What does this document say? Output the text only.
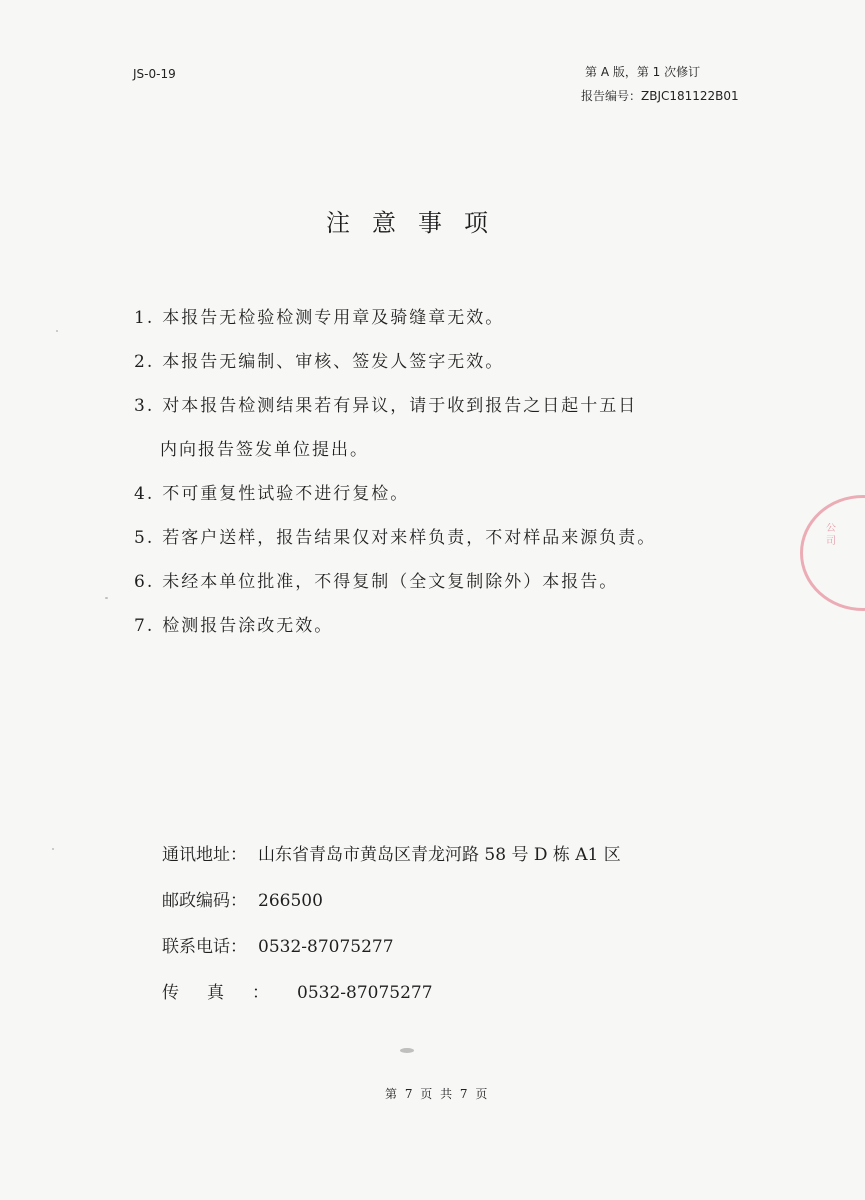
JS-0-19	第 A 版，第 1 次修订
报告编号：ZBJC181122B01
注意事项
1. 本报告无检验检测专用章及骑缝章无效。
2. 本报告无编制、审核、签发人签字无效。
3. 对本报告检测结果若有异议，请于收到报告之日起十五日
内向报告签发单位提出。
4. 不可重复性试验不进行复检。
5. 若客户送样，报告结果仅对来样负责，不对样品来源负责。
6. 未经本单位批准，不得复制（全文复制除外）本报告。
7. 检测报告涂改无效。
通讯地址： 山东省青岛市黄岛区青龙河路 58 号 D 栋 A1 区
邮政编码： 266500
联系电话： 0532-87075277
传真：0532-87075277
第 7 页 共 7 页
公司
